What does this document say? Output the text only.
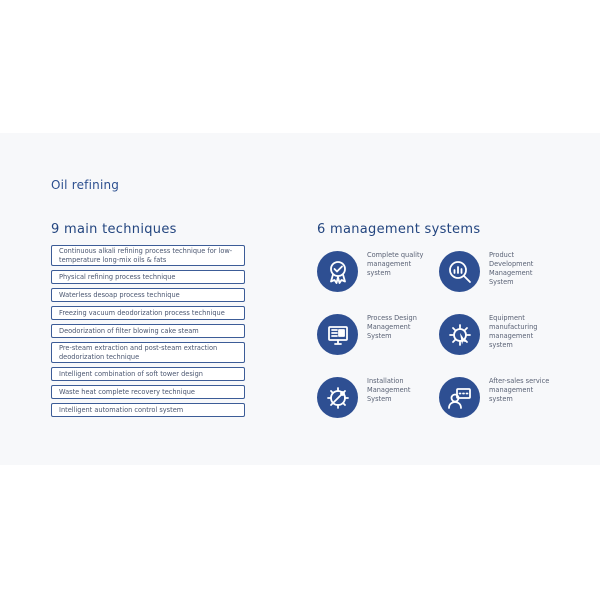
Oil refining
9 main techniques	6 management systems
Continuous alkali refining process technique for low-temperature long-mix oils & fats
Physical refining process technique
Waterless desoap process technique
Freezing vacuum deodorization process technique
Deodorization of filter blowing cake steam
Pre-steam extraction and post-steam extraction deodorization technique
Intelligent combination of soft tower design
Waste heat complete recovery technique
Intelligent automation control system
Complete quality
management
system
Product
Development
Management
System
Process Design
Management
System
Equipment
manufacturing
management
system
Installation
Management
System
After-sales service
management
system
